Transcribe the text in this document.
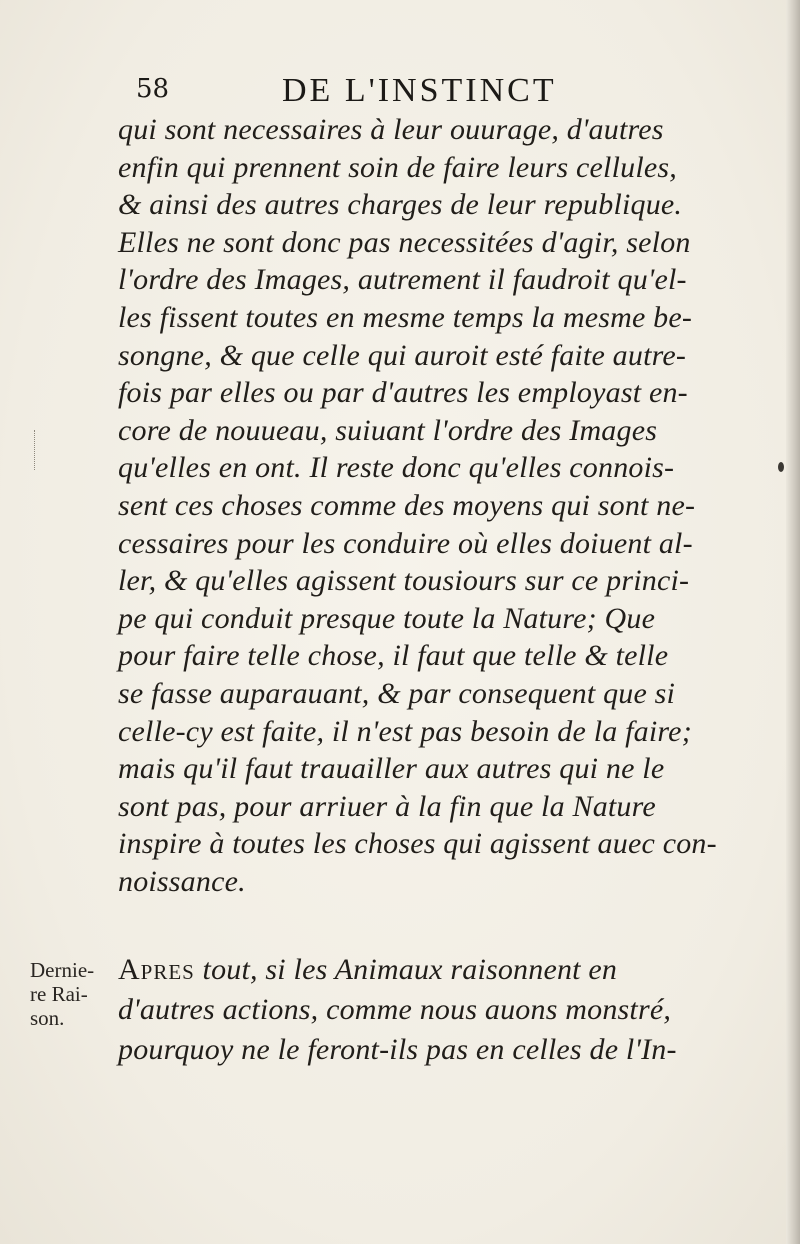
58	DE L'INSTINCT
qui sont necessaires à leur ouurage, d'autres
enfin qui prennent soin de faire leurs cellules,
& ainsi des autres charges de leur republique.
Elles ne sont donc pas necessitées d'agir, selon
l'ordre des Images, autrement il faudroit qu'el-
les fissent toutes en mesme temps la mesme be-
songne, & que celle qui auroit esté faite autre-
fois par elles ou par d'autres les employast en-
core de nouueau, suiuant l'ordre des Images
qu'elles en ont. Il reste donc qu'elles connois-
sent ces choses comme des moyens qui sont ne-
cessaires pour les conduire où elles doiuent al-
ler, & qu'elles agissent tousiours sur ce princi-
pe qui conduit presque toute la Nature; Que
pour faire telle chose, il faut que telle & telle
se fasse auparauant, & par consequent que si
celle-cy est faite, il n'est pas besoin de la faire;
mais qu'il faut trauailler aux autres qui ne le
sont pas, pour arriuer à la fin que la Nature
inspire à toutes les choses qui agissent auec con-
noissance.
Dernie-
re Rai-
son.
Apres tout, si les Animaux raisonnent en
d'autres actions, comme nous auons monstré,
pourquoy ne le feront-ils pas en celles de l'In-
